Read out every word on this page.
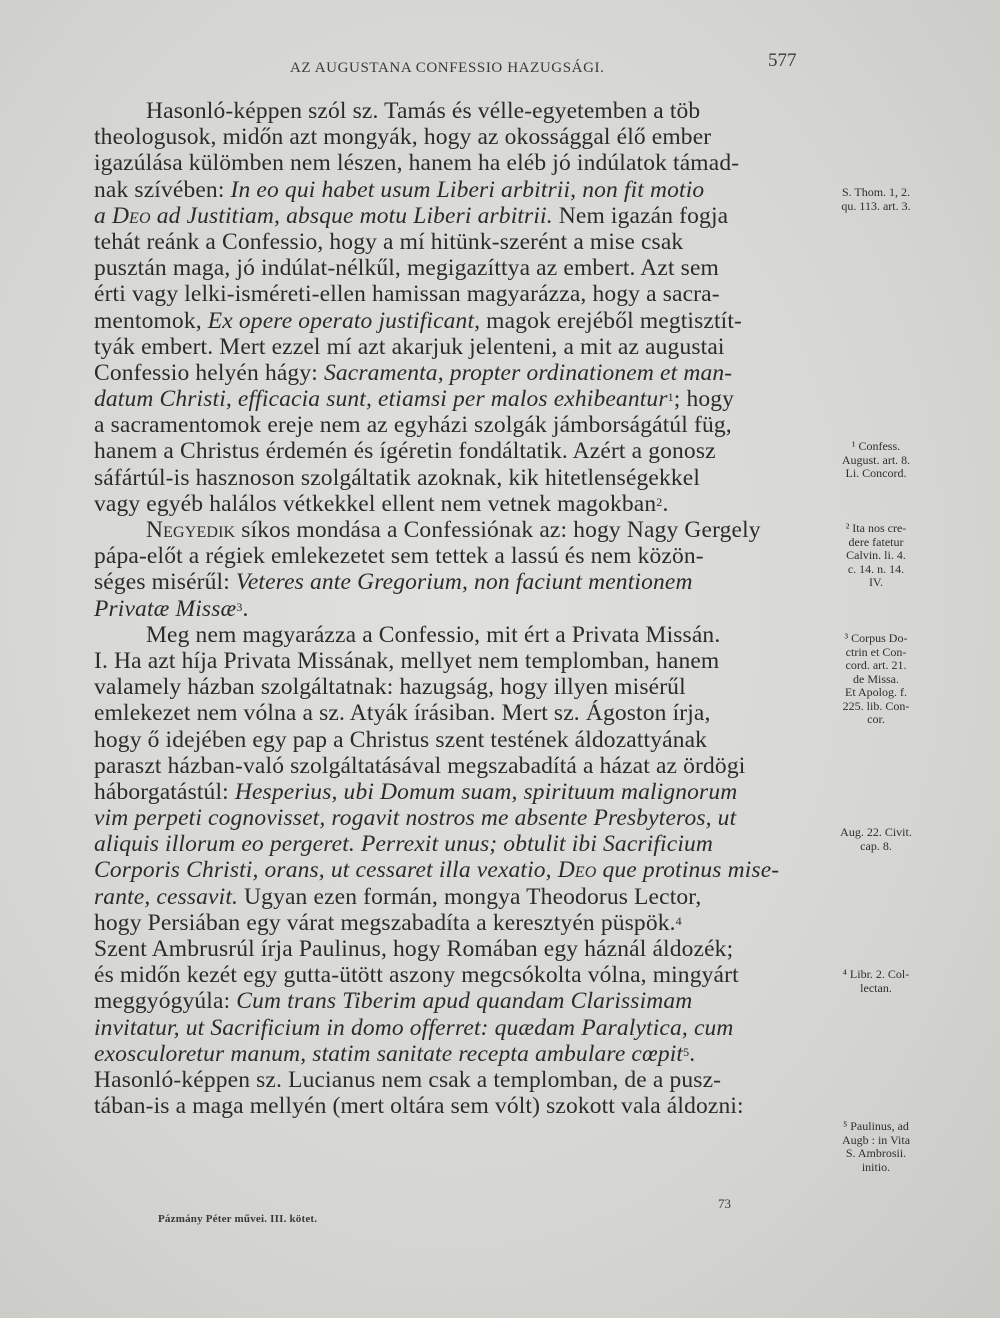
AZ AUGUSTANA CONFESSIO HAZUGSÁGI.	577
Hasonló-képpen szól sz. Tamás és vélle-egyetemben a töb
theologusok, midőn azt mongyák, hogy az okossággal élő ember
igazúlása külömben nem lészen, hanem ha eléb jó indúlatok támad-
nak szívében: In eo qui habet usum Liberi arbitrii, non fit motio
a Deo ad Justitiam, absque motu Liberi arbitrii. Nem igazán fogja
tehát reánk a Confessio, hogy a mí hitünk-szerént a mise csak
pusztán maga, jó indúlat-nélkűl, megigazíttya az embert. Azt sem
érti vagy lelki-isméreti-ellen hamissan magyarázza, hogy a sacra-
mentomok, Ex opere operato justificant, magok erejéből megtisztít-
tyák embert. Mert ezzel mí azt akarjuk jelenteni, a mit az augustai
Confessio helyén hágy: Sacramenta, propter ordinationem et man-
datum Christi, efficacia sunt, etiamsi per malos exhibeantur$^1$; hogy
a sacramentomok ereje nem az egyházi szolgák jámborságátúl füg,
hanem a Christus érdemén és ígéretin fondáltatik. Azért a gonosz
sáfártúl-is hasznoson szolgáltatik azoknak, kik hitetlenségekkel
vagy egyéb halálos vétkekkel ellent nem vetnek magokban$^2$.
Negyedik síkos mondása a Confessiónak az: hogy Nagy Gergely
pápa-előt a régiek emlekezetet sem tettek a lassú és nem közön-
séges misérűl: Veteres ante Gregorium, non faciunt mentionem
Privatæ Missæ$^3$.
Meg nem magyarázza a Confessio, mit ért a Privata Missán.
I. Ha azt híja Privata Missának, mellyet nem templomban, hanem
valamely házban szolgáltatnak: hazugság, hogy illyen misérűl
emlekezet nem vólna a sz. Atyák írásiban. Mert sz. Ágoston írja,
hogy ő idejében egy pap a Christus szent testének áldozattyának
paraszt házban-való szolgáltatásával megszabadítá a házat az ördögi
háborgatástúl: Hesperius, ubi Domum suam, spirituum malignorum
vim perpeti cognovisset, rogavit nostros me absente Presbyteros, ut
aliquis illorum eo pergeret. Perrexit unus; obtulit ibi Sacrificium
Corporis Christi, orans, ut cessaret illa vexatio, Deo que protinus mise-
rante, cessavit. Ugyan ezen formán, mongya Theodorus Lector,
hogy Persiában egy várat megszabadíta a keresztyén püspök.$^4$
Szent Ambrusrúl írja Paulinus, hogy Romában egy háznál áldozék;
és midőn kezét egy gutta-ütött aszony megcsókolta vólna, mingyárt
meggyógyúla: Cum trans Tiberim apud quandam Clarissimam
invitatur, ut Sacrificium in domo offerret: quædam Paralytica, cum
exosculoretur manum, statim sanitate recepta ambulare cœpit$^5$.
Hasonló-képpen sz. Lucianus nem csak a templomban, de a pusz-
tában-is a maga mellyén (mert oltára sem vólt) szokott vala áldozni:
S. Thom. 1, 2.
qu. 113. art. 3.
¹ Confess.
August. art. 8.
Li. Concord.
² Ita nos cre-
dere fatetur
Calvin. li. 4.
c. 14. n. 14.
IV.
³ Corpus Do-
ctrin et Con-
cord. art. 21.
de Missa.
Et Apolog. f.
225. lib. Con-
cor.
Aug. 22. Civit.
cap. 8.
⁴ Libr. 2. Col-
lectan.
⁵ Paulinus, ad
Augb : in Vita
S. Ambrosii.
initio.
73
Pázmány Péter művei. III. kötet.
